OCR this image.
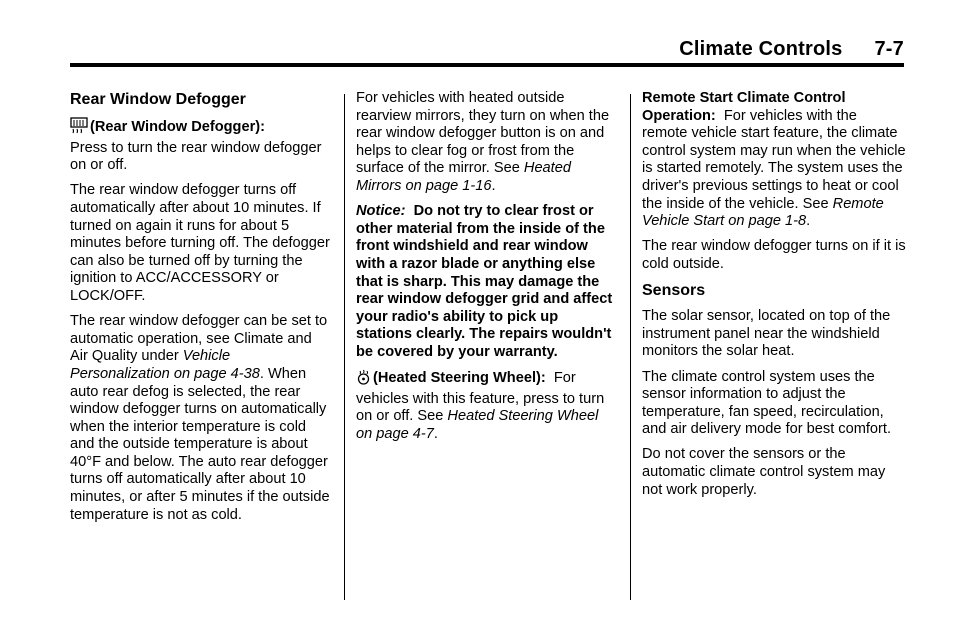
Climate Controls 7-7
Rear Window Defogger

(Rear Window Defogger):
Press to turn the rear window defogger on or off.

The rear window defogger turns off automatically after about 10 minutes. If turned on again it runs for about 5 minutes before turning off. The defogger can also be turned off by turning the ignition to ACC/ACCESSORY or LOCK/OFF.

The rear window defogger can be set to automatic operation, see Climate and Air Quality under Vehicle Personalization on page 4‑38. When auto rear defog is selected, the rear window defogger turns on automatically when the interior temperature is cold and the outside temperature is about 40°F and below. The auto rear defogger turns off automatically after about 10 minutes, or after 5 minutes if the outside temperature is not as cold.

For vehicles with heated outside rearview mirrors, they turn on when the rear window defogger button is on and helps to clear fog or frost from the surface of the mirror. See Heated Mirrors on page 1‑16.

Notice: Do not try to clear frost or other material from the inside of the front windshield and rear window with a razor blade or anything else that is sharp. This may damage the rear window defogger grid and affect your radio's ability to pick up stations clearly. The repairs wouldn't be covered by your warranty.

(Heated Steering Wheel): For vehicles with this feature, press to turn on or off. See Heated Steering Wheel on page 4‑7.

Remote Start Climate Control Operation: For vehicles with the remote vehicle start feature, the climate control system may run when the vehicle is started remotely. The system uses the driver's previous settings to heat or cool the inside of the vehicle. See Remote Vehicle Start on page 1‑8.

The rear window defogger turns on if it is cold outside.

Sensors

The solar sensor, located on top of the instrument panel near the windshield monitors the solar heat.

The climate control system uses the sensor information to adjust the temperature, fan speed, recirculation, and air delivery mode for best comfort.

Do not cover the sensors or the automatic climate control system may not work properly.
